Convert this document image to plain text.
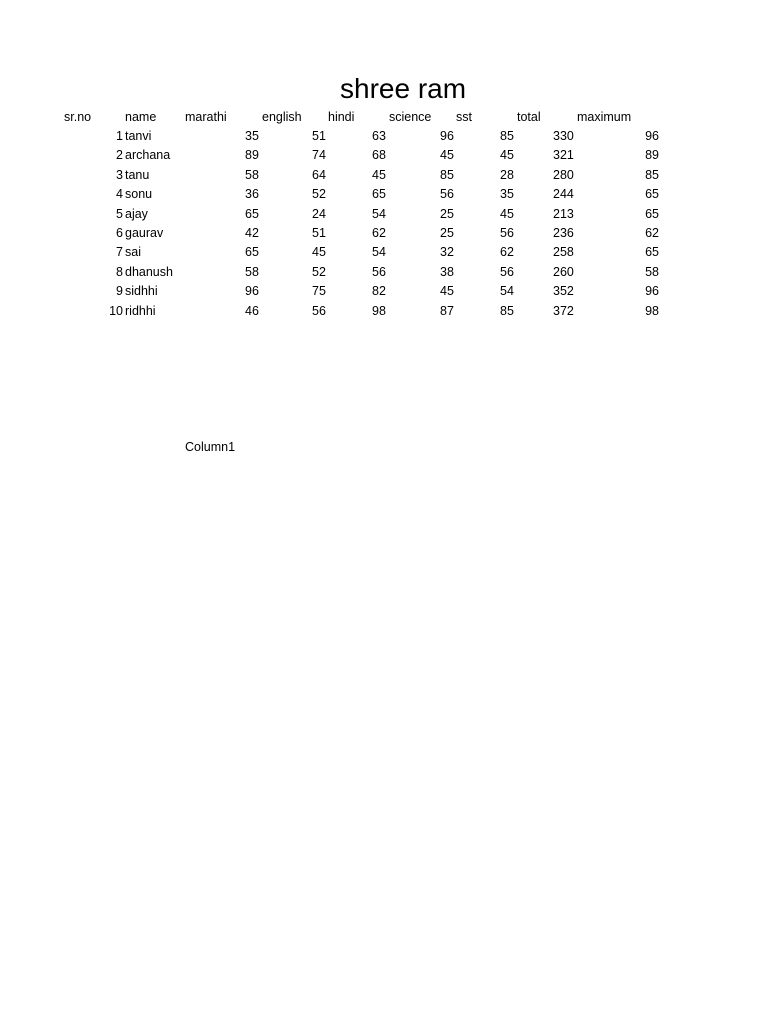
shree ram
sr.no	name	marathi	english	hindi	science	sst	total	maximum
1 tanvi	35	51	63	96	85	330	96
2 archana	89	74	68	45	45	321	89
3 tanu	58	64	45	85	28	280	85
4 sonu	36	52	65	56	35	244	65
5 ajay	65	24	54	25	45	213	65
6 gaurav	42	51	62	25	56	236	62
7 sai	65	45	54	32	62	258	65
8 dhanush	58	52	56	38	56	260	58
9 sidhhi	96	75	82	45	54	352	96
10 ridhhi	46	56	98	87	85	372	98
Column1
